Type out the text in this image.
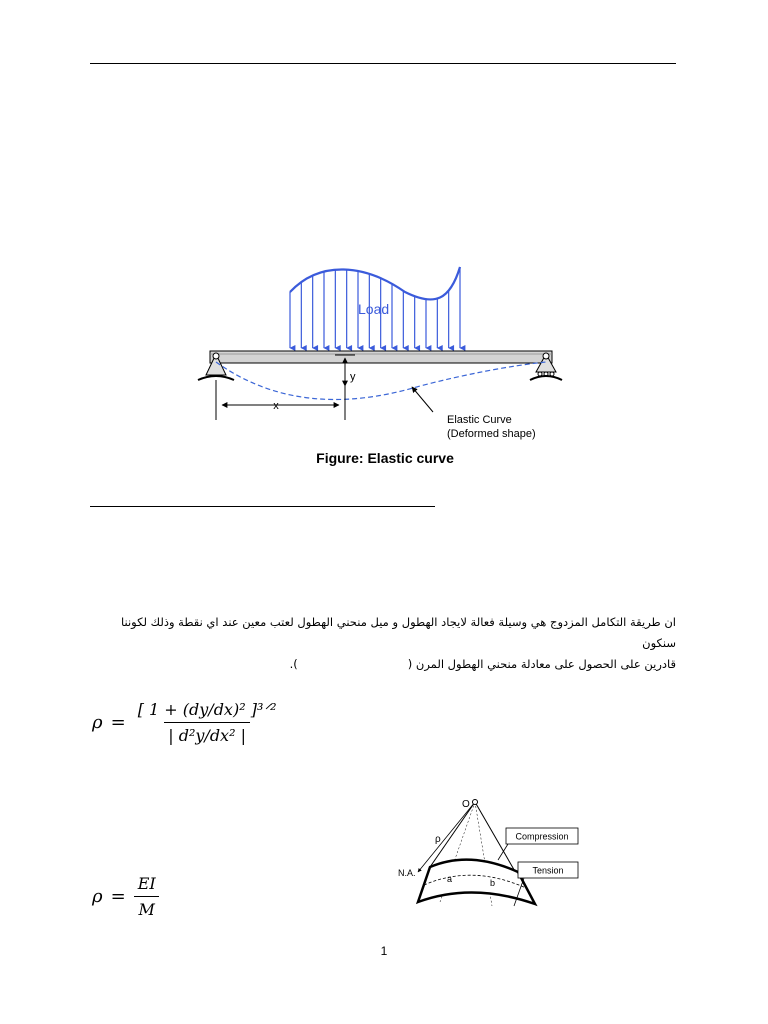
Load
y
x
Elastic Curve
(Deformed shape)
Figure: Elastic curve

ان طريقة التكامل المزدوج هي وسيلة فعالة لايجاد الهطول و ميل منحني الهطول لعتب معين عند اي نقطة وذلك لكوننا سنكون

قادرين على الحصول على معادلة منحني الهطول المرن ().

$\rho = \frac{\text{[ 1 + (dy/dx)² ]³ᐟ²}}{\text{| d²y/dx² |}}$
$\rho = \frac{EI}{M}$
O
ρ
N.A.
a	b
Compression
Tension
1
